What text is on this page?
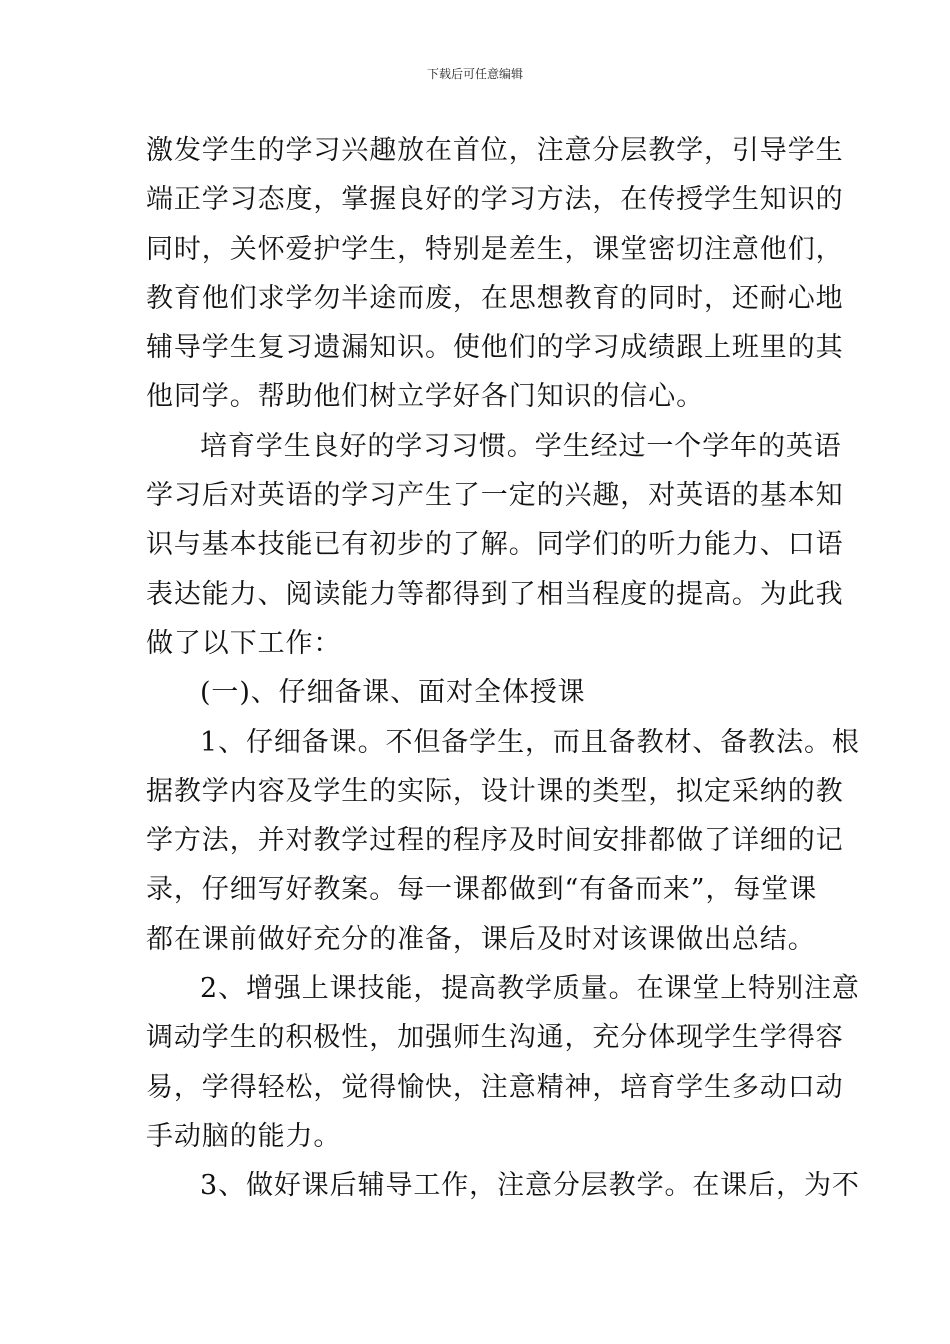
下载后可任意编辑
激发学生的学习兴趣放在首位，注意分层教学，引导学生
端正学习态度，掌握良好的学习方法，在传授学生知识的
同时，关怀爱护学生，特别是差生，课堂密切注意他们，
教育他们求学勿半途而废，在思想教育的同时，还耐心地
辅导学生复习遗漏知识。使他们的学习成绩跟上班里的其
他同学。帮助他们树立学好各门知识的信心。
培育学生良好的学习习惯。学生经过一个学年的英语
学习后对英语的学习产生了一定的兴趣，对英语的基本知
识与基本技能已有初步的了解。同学们的听力能力、口语
表达能力、阅读能力等都得到了相当程度的提高。为此我
做了以下工作：
(一)、仔细备课、面对全体授课
1、仔细备课。不但备学生，而且备教材、备教法。根
据教学内容及学生的实际，设计课的类型，拟定采纳的教
学方法，并对教学过程的程序及时间安排都做了详细的记
录，仔细写好教案。每一课都做到“有备而来”，每堂课
都在课前做好充分的准备，课后及时对该课做出总结。
2、增强上课技能，提高教学质量。在课堂上特别注意
调动学生的积极性，加强师生沟通，充分体现学生学得容
易，学得轻松，觉得愉快，注意精神，培育学生多动口动
手动脑的能力。
3、做好课后辅导工作，注意分层教学。在课后，为不
